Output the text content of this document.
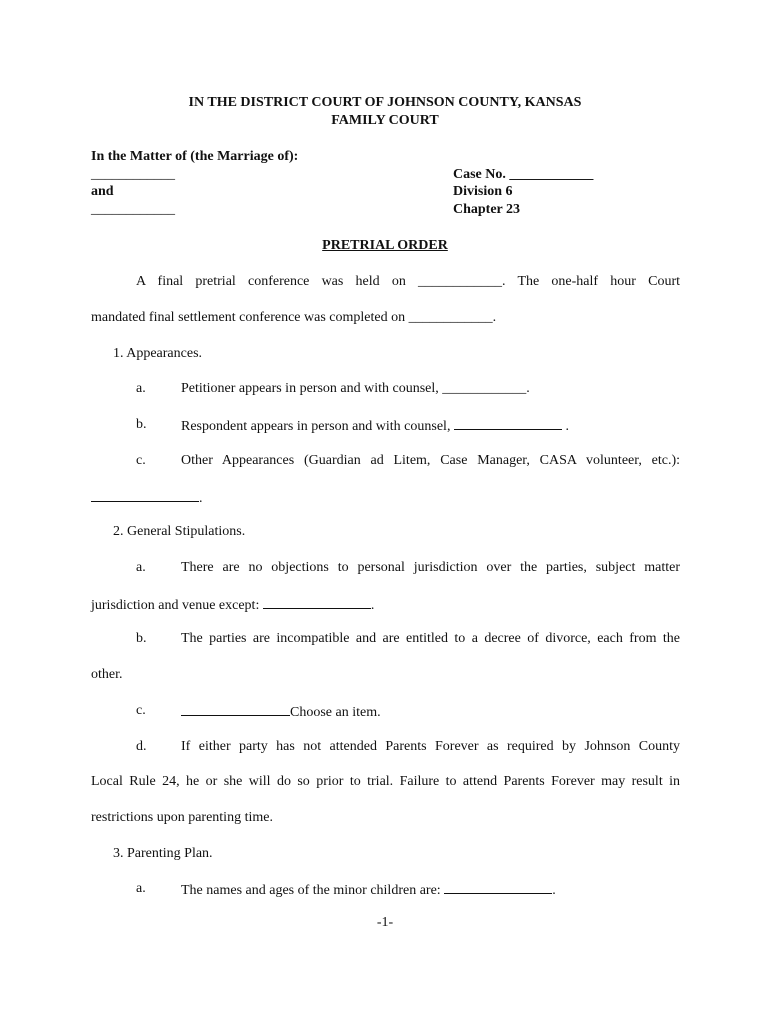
IN THE DISTRICT COURT OF JOHNSON COUNTY, KANSAS
FAMILY COURT
In the Matter of (the Marriage of):
____________
and
____________
Case No. ____________
Division 6
Chapter 23
PRETRIAL ORDER
A final pretrial conference was held on ____________. The one-half hour Court
mandated final settlement conference was completed on ____________.
1. Appearances.
a.	Petitioner appears in person and with counsel, ____________.
b. Respondent appears in person and with counsel,	.
c.	Other Appearances (Guardian ad Litem, Case Manager, CASA volunteer, etc.):
.
2. General Stipulations.
a.	There are no objections to personal jurisdiction over the parties, subject matter
jurisdiction and venue except:	.
b. The parties are incompatible and are entitled to a decree of divorce, each from the
other.
c.	Choose an item.
d. If either party has not attended Parents Forever as required by Johnson County
Local Rule 24, he or she will do so prior to trial. Failure to attend Parents Forever may result in
restrictions upon parenting time.
3. Parenting Plan.
a.	The names and ages of the minor children are:	.
-1-
